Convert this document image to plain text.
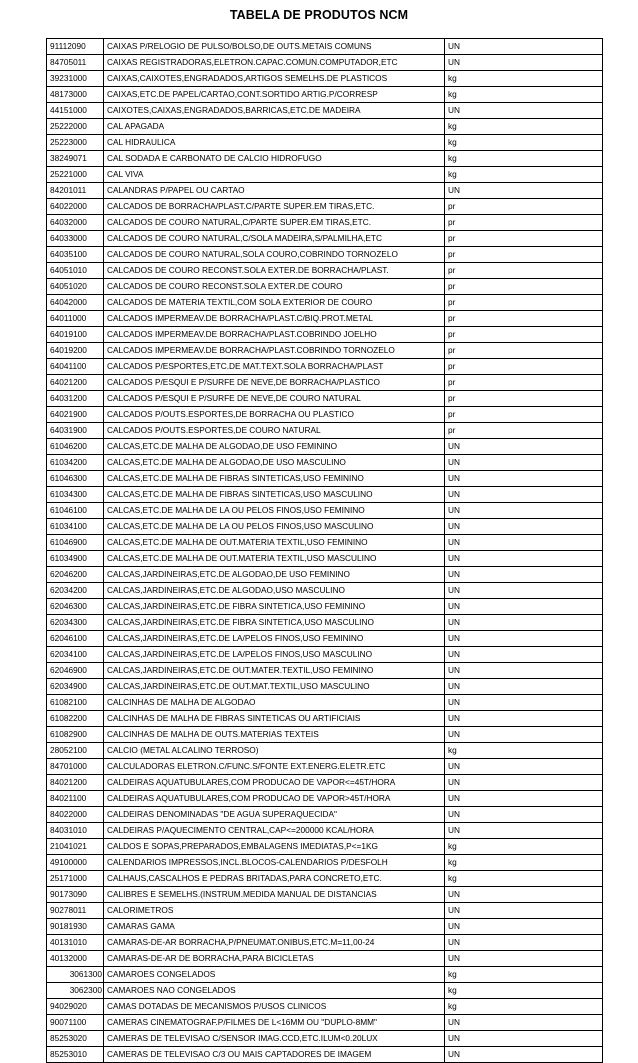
TABELA DE PRODUTOS NCM
91112090	CAIXAS P/RELOGIO DE PULSO/BOLSO,DE OUTS.METAIS COMUNS	UN
84705011	CAIXAS REGISTRADORAS,ELETRON.CAPAC.COMUN.COMPUTADOR,ETC	UN
39231000	CAIXAS,CAIXOTES,ENGRADADOS,ARTIGOS SEMELHS.DE PLASTICOS	kg
48173000	CAIXAS,ETC.DE PAPEL/CARTAO,CONT.SORTIDO ARTIG.P/CORRESP	kg
44151000	CAIXOTES,CAIXAS,ENGRADADOS,BARRICAS,ETC.DE MADEIRA	UN
25222000	CAL APAGADA	kg
25223000	CAL HIDRAULICA	kg
38249071	CAL SODADA E CARBONATO DE CALCIO HIDROFUGO	kg
25221000	CAL VIVA	kg
84201011	CALANDRAS P/PAPEL OU CARTAO	UN
64022000	CALCADOS DE BORRACHA/PLAST.C/PARTE SUPER.EM TIRAS,ETC.	pr
64032000	CALCADOS DE COURO NATURAL,C/PARTE SUPER.EM TIRAS,ETC.	pr
64033000	CALCADOS DE COURO NATURAL,C/SOLA MADEIRA,S/PALMILHA,ETC	pr
64035100	CALCADOS DE COURO NATURAL,SOLA COURO,COBRINDO TORNOZELO	pr
64051010	CALCADOS DE COURO RECONST.SOLA EXTER.DE BORRACHA/PLAST.	pr
64051020	CALCADOS DE COURO RECONST.SOLA EXTER.DE COURO	pr
64042000	CALCADOS DE MATERIA TEXTIL,COM SOLA EXTERIOR DE COURO	pr
64011000	CALCADOS IMPERMEAV.DE BORRACHA/PLAST.C/BIQ.PROT.METAL	pr
64019100	CALCADOS IMPERMEAV.DE BORRACHA/PLAST.COBRINDO JOELHO	pr
64019200	CALCADOS IMPERMEAV.DE BORRACHA/PLAST.COBRINDO TORNOZELO	pr
64041100	CALCADOS P/ESPORTES,ETC.DE MAT.TEXT.SOLA BORRACHA/PLAST	pr
64021200	CALCADOS P/ESQUI E P/SURFE DE NEVE,DE BORRACHA/PLASTICO	pr
64031200	CALCADOS P/ESQUI E P/SURFE DE NEVE,DE COURO NATURAL	pr
64021900	CALCADOS P/OUTS.ESPORTES,DE BORRACHA OU PLASTICO	pr
64031900	CALCADOS P/OUTS.ESPORTES,DE COURO NATURAL	pr
61046200	CALCAS,ETC.DE MALHA DE ALGODAO,DE USO FEMININO	UN
61034200	CALCAS,ETC.DE MALHA DE ALGODAO,DE USO MASCULINO	UN
61046300	CALCAS,ETC.DE MALHA DE FIBRAS SINTETICAS,USO FEMININO	UN
61034300	CALCAS,ETC.DE MALHA DE FIBRAS SINTETICAS,USO MASCULINO	UN
61046100	CALCAS,ETC.DE MALHA DE LA OU PELOS FINOS,USO FEMININO	UN
61034100	CALCAS,ETC.DE MALHA DE LA OU PELOS FINOS,USO MASCULINO	UN
61046900	CALCAS,ETC.DE MALHA DE OUT.MATERIA TEXTIL,USO FEMININO	UN
61034900	CALCAS,ETC.DE MALHA DE OUT.MATERIA TEXTIL,USO MASCULINO	UN
62046200	CALCAS,JARDINEIRAS,ETC.DE ALGODAO,DE USO FEMININO	UN
62034200	CALCAS,JARDINEIRAS,ETC.DE ALGODAO,USO MASCULINO	UN
62046300	CALCAS,JARDINEIRAS,ETC.DE FIBRA SINTETICA,USO FEMININO	UN
62034300	CALCAS,JARDINEIRAS,ETC.DE FIBRA SINTETICA,USO MASCULINO	UN
62046100	CALCAS,JARDINEIRAS,ETC.DE LA/PELOS FINOS,USO FEMININO	UN
62034100	CALCAS,JARDINEIRAS,ETC.DE LA/PELOS FINOS,USO MASCULINO	UN
62046900	CALCAS,JARDINEIRAS,ETC.DE OUT.MATER.TEXTIL,USO FEMININO	UN
62034900	CALCAS,JARDINEIRAS,ETC.DE OUT.MAT.TEXTIL,USO MASCULINO	UN
61082100	CALCINHAS DE MALHA DE ALGODAO	UN
61082200	CALCINHAS DE MALHA DE FIBRAS SINTETICAS OU ARTIFICIAIS	UN
61082900	CALCINHAS DE MALHA DE OUTS.MATERIAS TEXTEIS	UN
28052100	CALCIO (METAL ALCALINO TERROSO)	kg
84701000	CALCULADORAS ELETRON.C/FUNC.S/FONTE EXT.ENERG.ELETR.ETC	UN
84021200	CALDEIRAS AQUATUBULARES,COM PRODUCAO DE VAPOR<=45T/HORA	UN
84021100	CALDEIRAS AQUATUBULARES,COM PRODUCAO DE VAPOR>45T/HORA	UN
84022000	CALDEIRAS DENOMINADAS "DE AGUA SUPERAQUECIDA"	UN
84031010	CALDEIRAS P/AQUECIMENTO CENTRAL,CAP<=200000 KCAL/HORA	UN
21041021	CALDOS E SOPAS,PREPARADOS,EMBALAGENS IMEDIATAS,P<=1KG	kg
49100000	CALENDARIOS IMPRESSOS,INCL.BLOCOS-CALENDARIOS P/DESFOLH	kg
25171000	CALHAUS,CASCALHOS E PEDRAS BRITADAS,PARA CONCRETO,ETC.	kg
90173090	CALIBRES E SEMELHS.(INSTRUM.MEDIDA MANUAL DE DISTANCIAS	UN
90278011	CALORIMETROS	UN
90181930	CAMARAS GAMA	UN
40131010	CAMARAS-DE-AR BORRACHA,P/PNEUMAT.ONIBUS,ETC.M=11,00-24	UN
40132000	CAMARAS-DE-AR DE BORRACHA,PARA BICICLETAS	UN
3061300	CAMAROES CONGELADOS	kg
3062300	CAMAROES NAO CONGELADOS	kg
94029020	CAMAS DOTADAS DE MECANISMOS P/USOS CLINICOS	kg
90071100	CAMERAS CINEMATOGRAF.P/FILMES DE L<16MM OU "DUPLO-8MM"	UN
85253020	CAMERAS DE TELEVISAO C/SENSOR IMAG.CCD,ETC.ILUM<0.20LUX	UN
85253010	CAMERAS DE TELEVISAO C/3 OU MAIS CAPTADORES DE IMAGEM	UN
